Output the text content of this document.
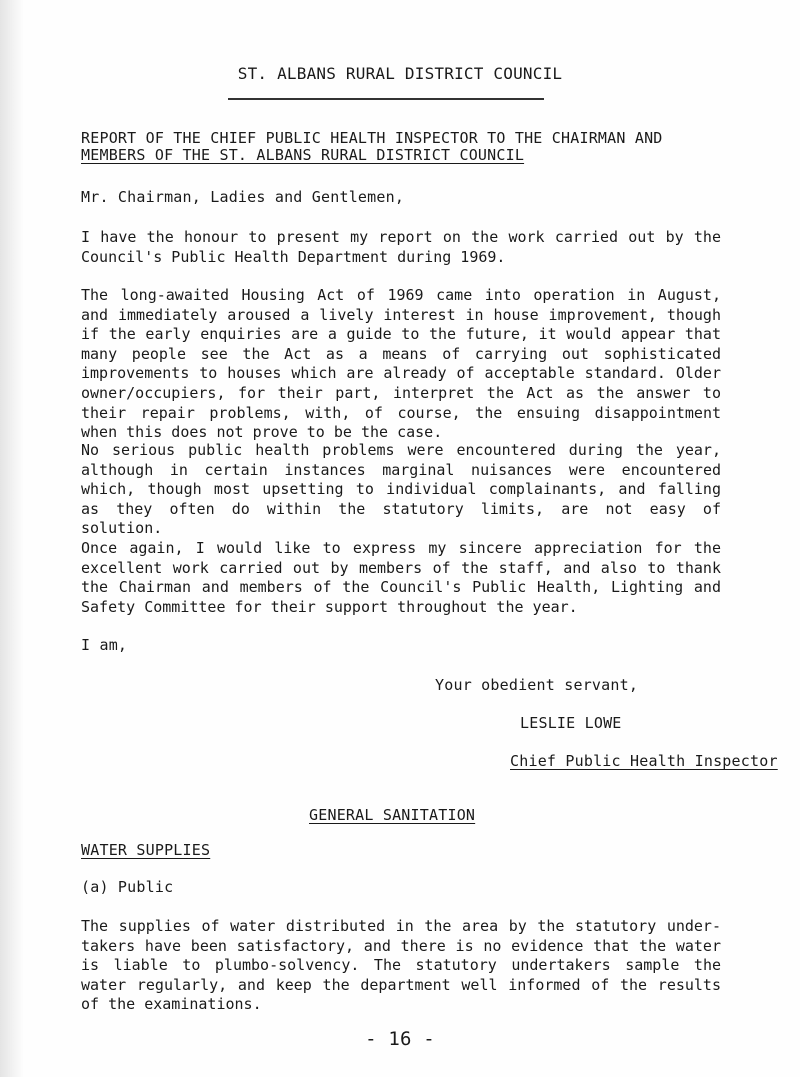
ST. ALBANS RURAL DISTRICT COUNCIL
REPORT OF THE CHIEF PUBLIC HEALTH INSPECTOR TO THE CHAIRMAN AND
MEMBERS OF THE ST. ALBANS RURAL DISTRICT COUNCIL
Mr. Chairman, Ladies and Gentlemen,
I have the honour to present my report on the work carried out by the Council's Public Health Department during 1969.
The long-awaited Housing Act of 1969 came into operation in August, and immediately aroused a lively interest in house improvement, though if the early enquiries are a guide to the future, it would appear that many people see the Act as a means of carrying out sophisticated improvements to houses which are already of acceptable standard. Older owner/occupiers, for their part, interpret the Act as the answer to their repair problems, with, of course, the ensuing disappointment when this does not prove to be the case.
No serious public health problems were encountered during the year, although in certain instances marginal nuisances were encountered which, though most upsetting to individual complainants, and falling as they often do within the statutory limits, are not easy of solution.
Once again, I would like to express my sincere appreciation for the excellent work carried out by members of the staff, and also to thank the Chairman and members of the Council's Public Health, Lighting and Safety Committee for their support throughout the year.
I am,
Your obedient servant,
LESLIE LOWE
Chief Public Health Inspector
GENERAL SANITATION
WATER SUPPLIES
(a) Public
The supplies of water distributed in the area by the statutory under-takers have been satisfactory, and there is no evidence that the water is liable to plumbo-solvency. The statutory undertakers sample the water regularly, and keep the department well informed of the results of the examinations.
- 16 -
